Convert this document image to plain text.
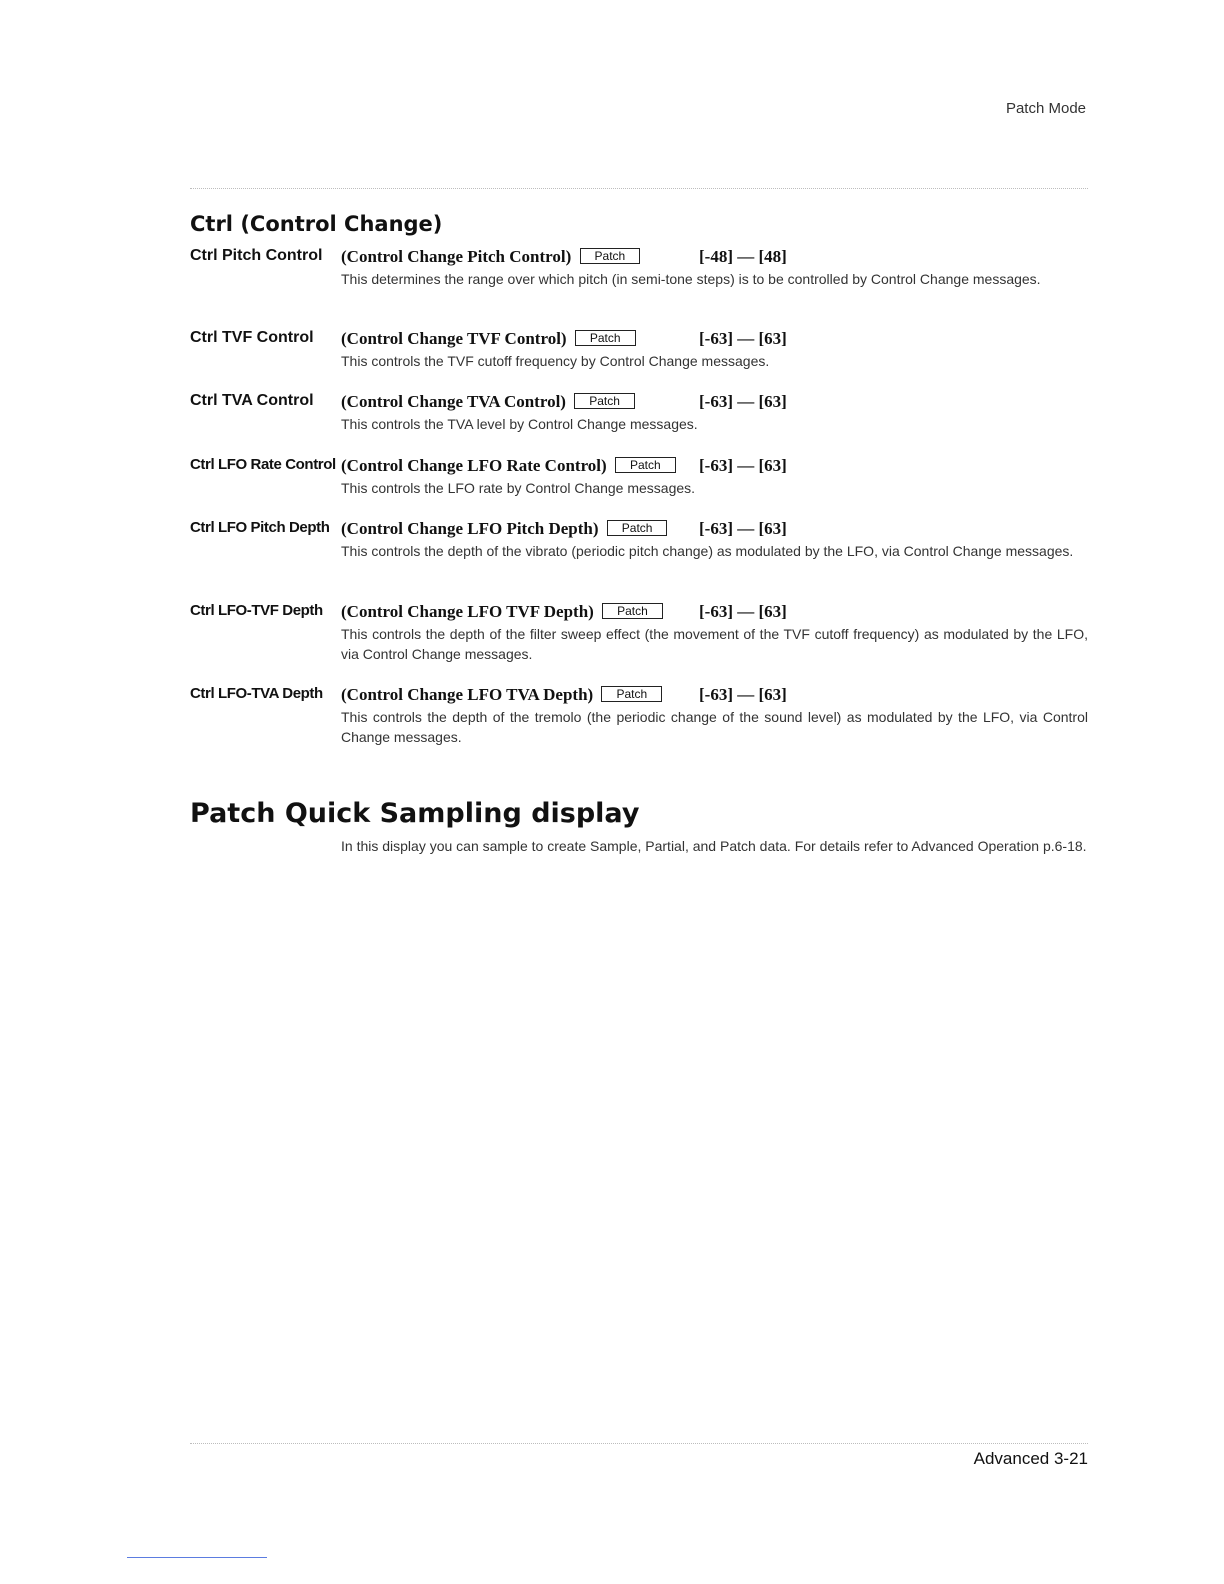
Patch Mode
Ctrl (Control Change)
Ctrl Pitch Control	(Control Change Pitch Control) Patch	[-48] — [48]

This determines the range over which pitch (in semi-tone steps) is to be controlled by Control Change messages.

Ctrl TVF Control	(Control Change TVF Control) Patch	[-63] — [63]

This controls the TVF cutoff frequency by Control Change messages.

Ctrl TVA Control	(Control Change TVA Control) Patch	[-63] — [63]

This controls the TVA level by Control Change messages.

Ctrl LFO Rate Control (Control Change LFO Rate Control) Patch	[-63] — [63]

This controls the LFO rate by Control Change messages.

Ctrl LFO Pitch Depth (Control Change LFO Pitch Depth) Patch	[-63] — [63]

This controls the depth of the vibrato (periodic pitch change) as modulated by the LFO, via Control Change messages.

Ctrl LFO-TVF Depth	(Control Change LFO TVF Depth) Patch	[-63] — [63]

This controls the depth of the filter sweep effect (the movement of the TVF cutoff frequency) as modulated by the LFO, via Control Change messages.

Ctrl LFO-TVA Depth	(Control Change LFO TVA Depth) Patch	[-63] — [63]

This controls the depth of the tremolo (the periodic change of the sound level) as modulated by the LFO, via Control Change messages.

Patch Quick Sampling display

In this display you can sample to create Sample, Partial, and Patch data. For details refer to Advanced Operation p.6-18.

Advanced 3-21
